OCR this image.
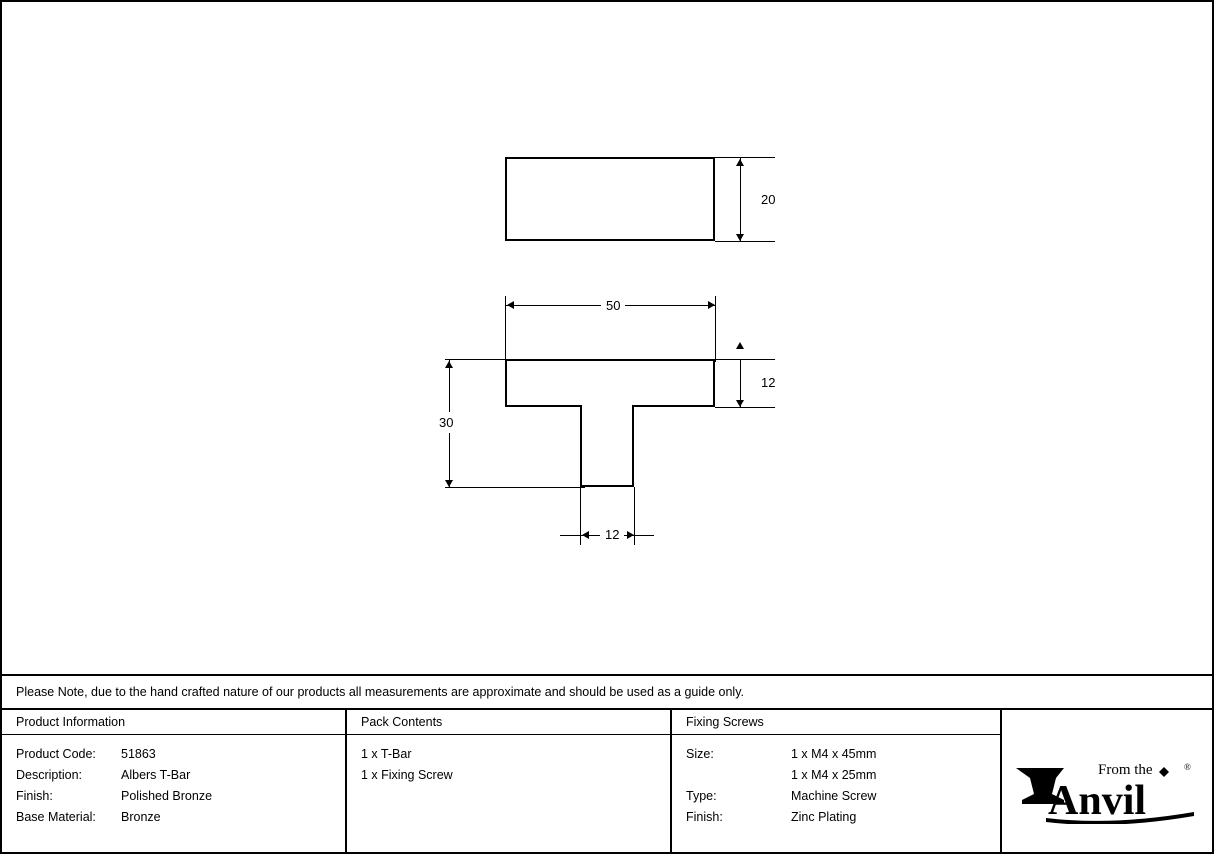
20
50
12
30
12
Please Note, due to the hand crafted nature of our products all measurements are approximate and should be used as a guide only.
Product Information
Product Code:	51863
Description:	Albers T-Bar
Finish:	Polished Bronze
Base Material:	Bronze
Pack Contents
1 x T-Bar
1 x Fixing Screw
Fixing Screws
Size:	1 x M4 x 45mm
1 x M4 x 25mm
Type:	Machine Screw
Finish:	Zinc Plating
From the	®
Anvil
